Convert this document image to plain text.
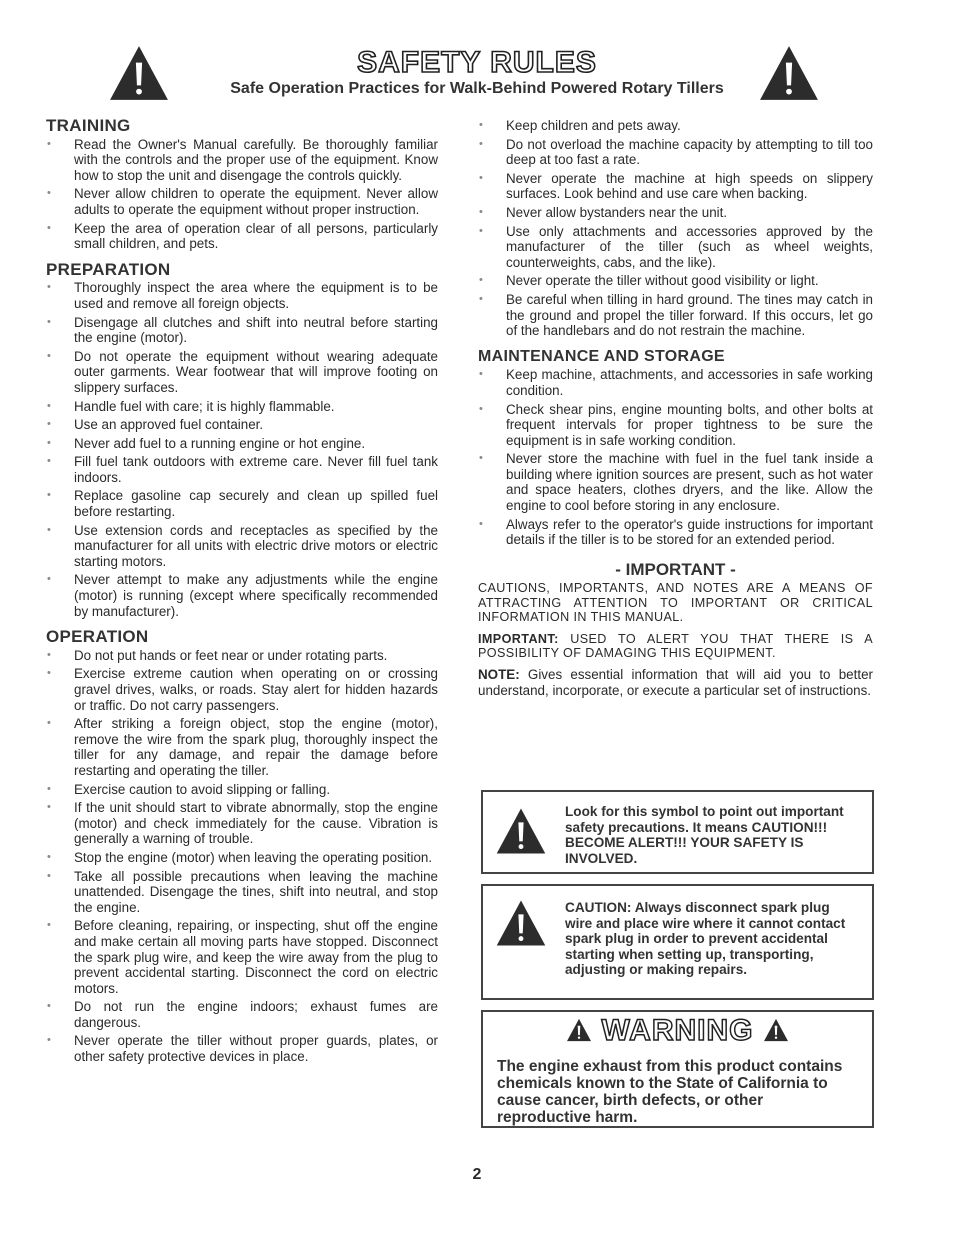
SAFETY RULES
Safe Operation Practices for Walk-Behind Powered Rotary Tillers
TRAINING
• Read the Owner's Manual carefully. Be thoroughly familiar with the controls and the proper use of the equipment. Know how to stop the unit and disengage the controls quickly.
• Never allow children to operate the equipment. Never allow adults to operate the equipment without proper instruction.
• Keep the area of operation clear of all persons, particularly small children, and pets.
PREPARATION
• Thoroughly inspect the area where the equipment is to be used and remove all foreign objects.
• Disengage all clutches and shift into neutral before starting the engine (motor).
• Do not operate the equipment without wearing adequate outer garments. Wear footwear that will improve footing on slippery surfaces.
• Handle fuel with care; it is highly flammable.
• Use an approved fuel container.
• Never add fuel to a running engine or hot engine.
• Fill fuel tank outdoors with extreme care. Never fill fuel tank indoors.
• Replace gasoline cap securely and clean up spilled fuel before restarting.
• Use extension cords and receptacles as specified by the manufacturer for all units with electric drive motors or electric starting motors.
• Never attempt to make any adjustments while the engine (motor) is running (except where specifically recommended by manufacturer).
OPERATION
• Do not put hands or feet near or under rotating parts.
• Exercise extreme caution when operating on or crossing gravel drives, walks, or roads. Stay alert for hidden hazards or traffic. Do not carry passengers.
• After striking a foreign object, stop the engine (motor), remove the wire from the spark plug, thoroughly inspect the tiller for any damage, and repair the damage before restarting and operating the tiller.
• Exercise caution to avoid slipping or falling.
• If the unit should start to vibrate abnormally, stop the engine (motor) and check immediately for the cause. Vibration is generally a warning of trouble.
• Stop the engine (motor) when leaving the operating position.
• Take all possible precautions when leaving the machine unattended. Disengage the tines, shift into neutral, and stop the engine.
• Before cleaning, repairing, or inspecting, shut off the engine and make certain all moving parts have stopped. Disconnect the spark plug wire, and keep the wire away from the plug to prevent accidental starting. Disconnect the cord on electric motors.
• Do not run the engine indoors; exhaust fumes are dangerous.
• Never operate the tiller without proper guards, plates, or other safety protective devices in place.
• Keep children and pets away.
• Do not overload the machine capacity by attempting to till too deep at too fast a rate.
• Never operate the machine at high speeds on slippery surfaces. Look behind and use care when backing.
• Never allow bystanders near the unit.
• Use only attachments and accessories approved by the manufacturer of the tiller (such as wheel weights, counterweights, cabs, and the like).
• Never operate the tiller without good visibility or light.
• Be careful when tilling in hard ground. The tines may catch in the ground and propel the tiller forward. If this occurs, let go of the handlebars and do not restrain the machine.
MAINTENANCE AND STORAGE
• Keep machine, attachments, and accessories in safe working condition.
• Check shear pins, engine mounting bolts, and other bolts at frequent intervals for proper tightness to be sure the equipment is in safe working condition.
• Never store the machine with fuel in the fuel tank inside a building where ignition sources are present, such as hot water and space heaters, clothes dryers, and the like. Allow the engine to cool before storing in any enclosure.
• Always refer to the operator's guide instructions for important details if the tiller is to be stored for an extended period.
- IMPORTANT -

CAUTIONS, IMPORTANTS, AND NOTES ARE A MEANS OF ATTRACTING ATTENTION TO IMPORTANT OR CRITICAL INFORMATION IN THIS MANUAL.

IMPORTANT: USED TO ALERT YOU THAT THERE IS A POSSIBILITY OF DAMAGING THIS EQUIPMENT.

NOTE: Gives essential information that will aid you to better understand, incorporate, or execute a particular set of instructions.

Look for this symbol to point out important safety precautions. It means CAUTION!!! BECOME ALERT!!! YOUR SAFETY IS INVOLVED.
CAUTION: Always disconnect spark plug wire and place wire where it cannot contact spark plug in order to prevent accidental starting when setting up, transporting, adjusting or making repairs.
WARNING
The engine exhaust from this product contains chemicals known to the State of California to cause cancer, birth defects, or other reproductive harm.
2
